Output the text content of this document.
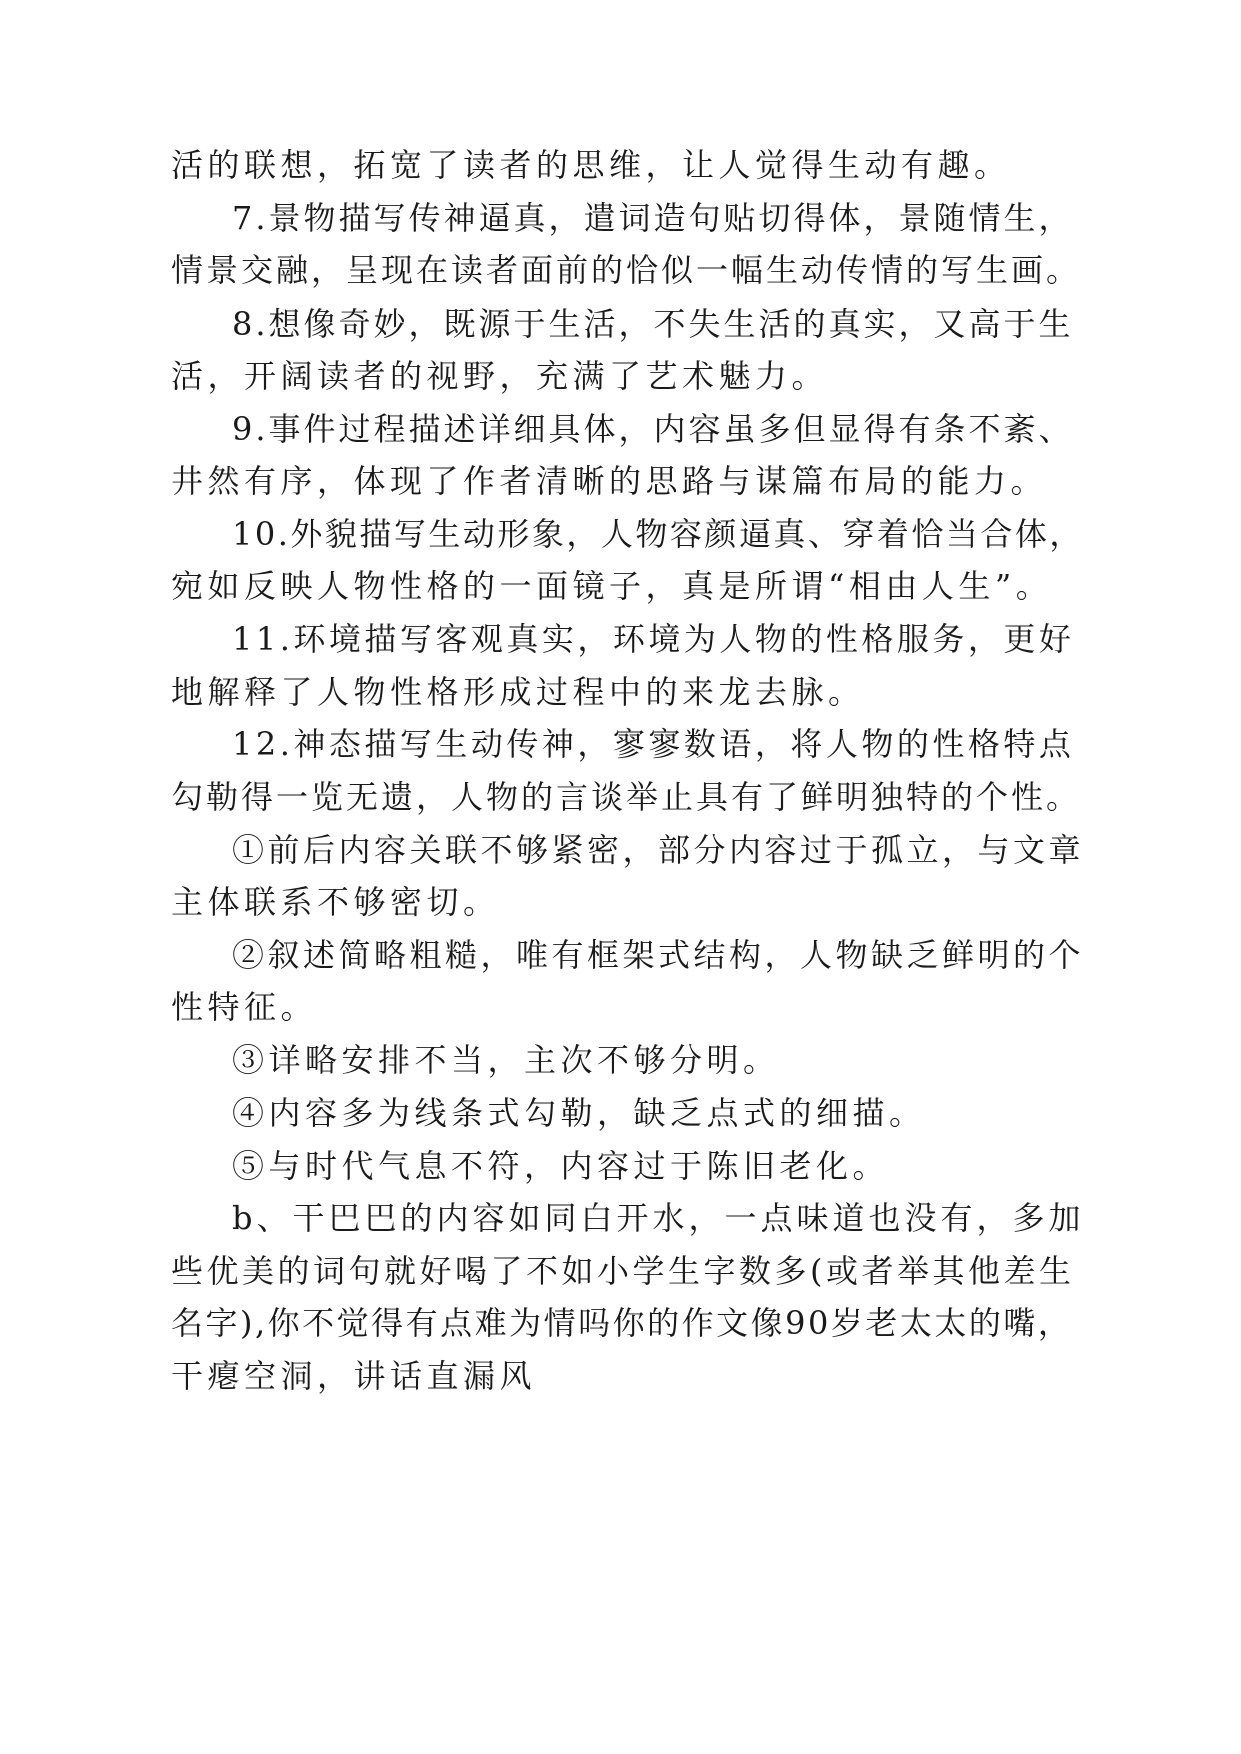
活的联想，拓宽了读者的思维，让人觉得生动有趣。
7.景物描写传神逼真，遣词造句贴切得体，景随情生，
情景交融，呈现在读者面前的恰似一幅生动传情的写生画。
8.想像奇妙，既源于生活，不失生活的真实，又高于生
活，开阔读者的视野，充满了艺术魅力。
9.事件过程描述详细具体，内容虽多但显得有条不紊、
井然有序，体现了作者清晰的思路与谋篇布局的能力。
10.外貌描写生动形象，人物容颜逼真、穿着恰当合体，
宛如反映人物性格的一面镜子，真是所谓“相由人生”。
11.环境描写客观真实，环境为人物的性格服务，更好
地解释了人物性格形成过程中的来龙去脉。
12.神态描写生动传神，寥寥数语，将人物的性格特点
勾勒得一览无遗，人物的言谈举止具有了鲜明独特的个性。
①前后内容关联不够紧密，部分内容过于孤立，与文章
主体联系不够密切。
②叙述简略粗糙，唯有框架式结构，人物缺乏鲜明的个
性特征。
③详略安排不当，主次不够分明。
④内容多为线条式勾勒，缺乏点式的细描。
⑤与时代气息不符，内容过于陈旧老化。
b、干巴巴的内容如同白开水，一点味道也没有，多加
些优美的词句就好喝了不如小学生字数多(或者举其他差生
名字),你不觉得有点难为情吗你的作文像90岁老太太的嘴，
干瘪空洞，讲话直漏风
